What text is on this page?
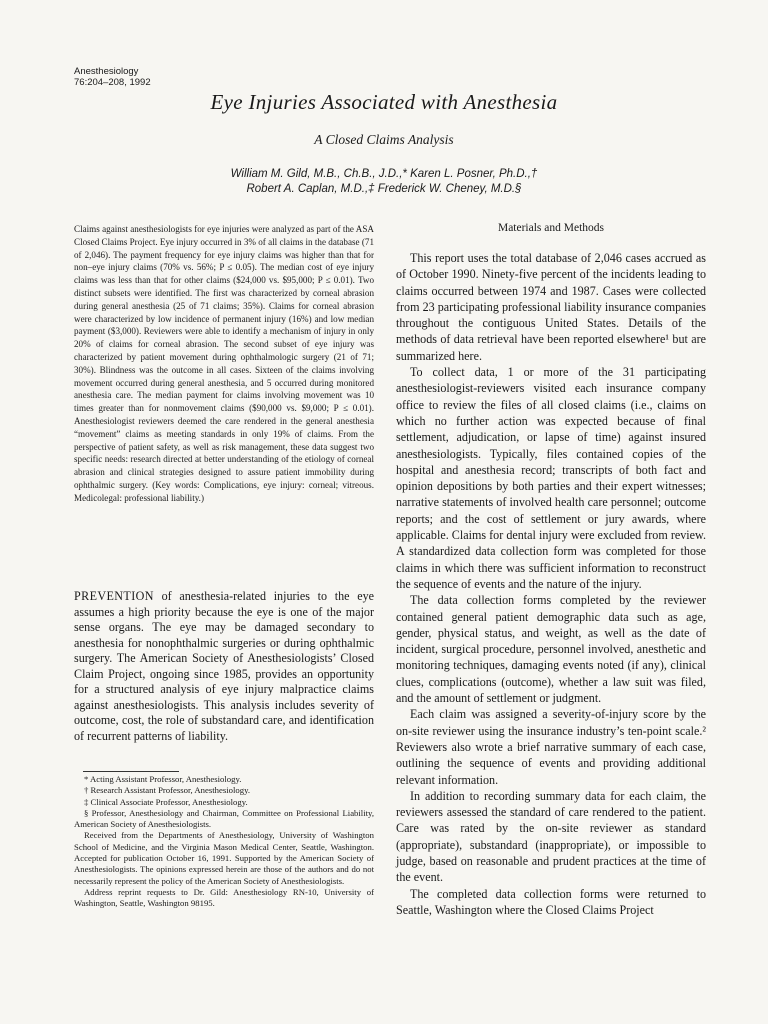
Anesthesiology
76:204–208, 1992
Eye Injuries Associated with Anesthesia
A Closed Claims Analysis
William M. Gild, M.B., Ch.B., J.D.,* Karen L. Posner, Ph.D.,†
Robert A. Caplan, M.D.,‡ Frederick W. Cheney, M.D.§
Claims against anesthesiologists for eye injuries were analyzed as part of the ASA Closed Claims Project. Eye injury occurred in 3% of all claims in the database (71 of 2,046). The payment frequency for eye injury claims was higher than that for non–eye injury claims (70% vs. 56%; P ≤ 0.05). The median cost of eye injury claims was less than that for other claims ($24,000 vs. $95,000; P ≤ 0.01). Two distinct subsets were identified. The first was characterized by corneal abrasion during general anesthesia (25 of 71 claims; 35%). Claims for corneal abrasion were characterized by low incidence of permanent injury (16%) and low median payment ($3,000). Reviewers were able to identify a mechanism of injury in only 20% of claims for corneal abrasion. The second subset of eye injury was characterized by patient movement during ophthalmologic surgery (21 of 71; 30%). Blindness was the outcome in all cases. Sixteen of the claims involving movement occurred during general anesthesia, and 5 occurred during monitored anesthesia care. The median payment for claims involving movement was 10 times greater than for nonmovement claims ($90,000 vs. $9,000; P ≤ 0.01). Anesthesiologist reviewers deemed the care rendered in the general anesthesia “movement” claims as meeting standards in only 19% of claims. From the perspective of patient safety, as well as risk management, these data suggest two specific needs: research directed at better understanding of the etiology of corneal abrasion and clinical strategies designed to assure patient immobility during ophthalmic surgery. (Key words: Complications, eye injury: corneal; vitreous. Medicolegal: professional liability.)
PREVENTION of anesthesia-related injuries to the eye assumes a high priority because the eye is one of the major sense organs. The eye may be damaged secondary to anesthesia for nonophthalmic surgeries or during ophthalmic surgery. The American Society of Anesthesiologists’ Closed Claim Project, ongoing since 1985, provides an opportunity for a structured analysis of eye injury malpractice claims against anesthesiologists. This analysis includes severity of outcome, cost, the role of substandard care, and identification of recurrent patterns of liability.

* Acting Assistant Professor, Anesthesiology.

† Research Assistant Professor, Anesthesiology.

‡ Clinical Associate Professor, Anesthesiology.

§ Professor, Anesthesiology and Chairman, Committee on Professional Liability, American Society of Anesthesiologists.

Received from the Departments of Anesthesiology, University of Washington School of Medicine, and the Virginia Mason Medical Center, Seattle, Washington. Accepted for publication October 16, 1991. Supported by the American Society of Anesthesiologists. The opinions expressed herein are those of the authors and do not necessarily represent the policy of the American Society of Anesthesiologists.

Address reprint requests to Dr. Gild: Anesthesiology RN-10, University of Washington, Seattle, Washington 98195.

Materials and Methods

This report uses the total database of 2,046 cases accrued as of October 1990. Ninety-five percent of the incidents leading to claims occurred between 1974 and 1987. Cases were collected from 23 participating professional liability insurance companies throughout the contiguous United States. Details of the methods of data retrieval have been reported elsewhere¹ but are summarized here.

To collect data, 1 or more of the 31 participating anesthesiologist-reviewers visited each insurance company office to review the files of all closed claims (i.e., claims on which no further action was expected because of final settlement, adjudication, or lapse of time) against insured anesthesiologists. Typically, files contained copies of the hospital and anesthesia record; transcripts of both fact and opinion depositions by both parties and their expert witnesses; narrative statements of involved health care personnel; outcome reports; and the cost of settlement or jury awards, where applicable. Claims for dental injury were excluded from review. A standardized data collection form was completed for those claims in which there was sufficient information to reconstruct the sequence of events and the nature of the injury.

The data collection forms completed by the reviewer contained general patient demographic data such as age, gender, physical status, and weight, as well as the date of incident, surgical procedure, personnel involved, anesthetic and monitoring techniques, damaging events noted (if any), clinical clues, complications (outcome), whether a law suit was filed, and the amount of settlement or judgment.

Each claim was assigned a severity-of-injury score by the on-site reviewer using the insurance industry’s ten-point scale.² Reviewers also wrote a brief narrative summary of each case, outlining the sequence of events and providing additional relevant information.

In addition to recording summary data for each claim, the reviewers assessed the standard of care rendered to the patient. Care was rated by the on-site reviewer as standard (appropriate), substandard (inappropriate), or impossible to judge, based on reasonable and prudent practices at the time of the event.

The completed data collection forms were returned to Seattle, Washington where the Closed Claims Project
